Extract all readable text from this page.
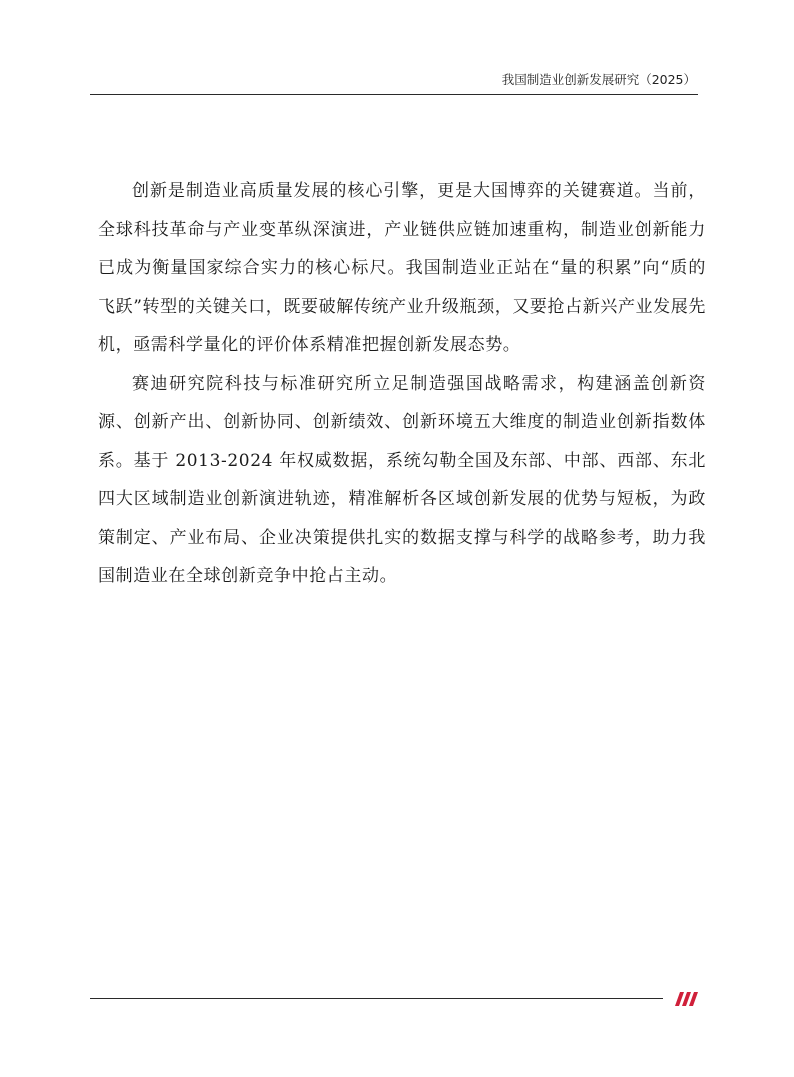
我国制造业创新发展研究（2025）

创新是制造业高质量发展的核心引擎，更是大国博弈的关键赛道。当前，全球科技革命与产业变革纵深演进，产业链供应链加速重构，制造业创新能力已成为衡量国家综合实力的核心标尺。我国制造业正站在“量的积累”向“质的飞跃”转型的关键关口，既要破解传统产业升级瓶颈，又要抢占新兴产业发展先机，亟需科学量化的评价体系精准把握创新发展态势。

赛迪研究院科技与标准研究所立足制造强国战略需求，构建涵盖创新资源、创新产出、创新协同、创新绩效、创新环境五大维度的制造业创新指数体系。基于 2013-2024 年权威数据，系统勾勒全国及东部、中部、西部、东北四大区域制造业创新演进轨迹，精准解析各区域创新发展的优势与短板，为政策制定、产业布局、企业决策提供扎实的数据支撑与科学的战略参考，助力我国制造业在全球创新竞争中抢占主动。
